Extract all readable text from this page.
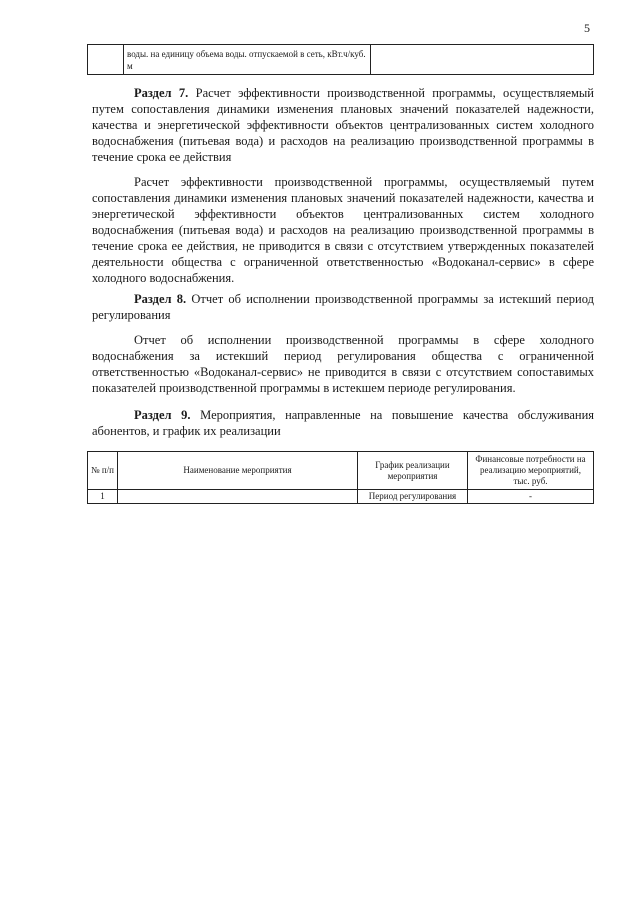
5
	воды. на единицу объема воды. отпускаемой в сеть, кВт.ч/куб. м	

Раздел 7. Расчет эффективности производственной программы, осуществляемый путем сопоставления динамики изменения плановых значений показателей надежности, качества и энергетической эффективности объектов централизованных систем холодного водоснабжения (питьевая вода) и расходов на реализацию производственной программы в течение срока ее действия

Расчет эффективности производственной программы, осуществляемый путем сопоставления динамики изменения плановых значений показателей надежности, качества и энергетической эффективности объектов централизованных систем холодного водоснабжения (питьевая вода) и расходов на реализацию производственной программы в течение срока ее действия, не приводится в связи с отсутствием утвержденных показателей деятельности общества с ограниченной ответственностью «Водоканал-сервис» в сфере холодного водоснабжения.

Раздел 8. Отчет об исполнении производственной программы за истекший период регулирования

Отчет об исполнении производственной программы в сфере холодного водоснабжения за истекший период регулирования общества с ограниченной ответственностью «Водоканал-сервис» не приводится в связи с отсутствием сопоставимых показателей производственной программы в истекшем периоде регулирования.

Раздел 9. Мероприятия, направленные на повышение качества обслуживания абонентов, и график их реализации

№ п/п	Наименование мероприятия	График реализации мероприятия	Финансовые потребности на реализацию мероприятий, тыс. руб.
1		Период регулирования	-
